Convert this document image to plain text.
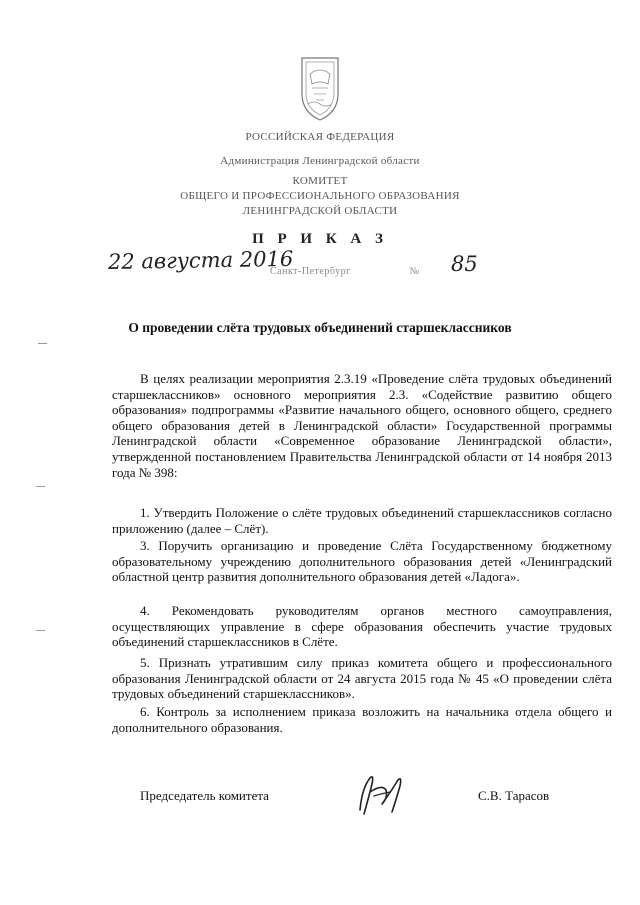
РОССИЙСКАЯ ФЕДЕРАЦИЯ
Администрация Ленинградской области
КОМИТЕТ
ОБЩЕГО И ПРОФЕССИОНАЛЬНОГО ОБРАЗОВАНИЯ
ЛЕНИНГРАДСКОЙ ОБЛАСТИ
П Р И К А З
22 августа 2016
Санкт-Петербург	№ 85
О проведении слёта трудовых объединений старшеклассников

В целях реализации мероприятия 2.3.19 «Проведение слёта трудовых объединений старшеклассников» основного мероприятия 2.3. «Содействие развитию общего образования» подпрограммы «Развитие начального общего, основного общего, среднего общего образования детей в Ленинградской области» Государственной программы Ленинградской области «Современное образование Ленинградской области», утвержденной постановлением Правительства Ленинградской области от 14 ноября 2013 года № 398:

1. Утвердить Положение о слёте трудовых объединений старшеклассников согласно приложению (далее – Слёт).

3. Поручить организацию и проведение Слёта Государственному бюджетному образовательному учреждению дополнительного образования детей «Ленинградский областной центр развития дополнительного образования детей «Ладога».

4. Рекомендовать руководителям органов местного самоуправления, осуществляющих управление в сфере образования обеспечить участие трудовых объединений старшеклассников в Слёте.

5. Признать утратившим силу приказ комитета общего и профессионального образования Ленинградской области от 24 августа 2015 года № 45 «О проведении слёта трудовых объединений старшеклассников».

6. Контроль за исполнением приказа возложить на начальника отдела общего и дополнительного образования.

Председатель комитета	С.В. Тарасов
